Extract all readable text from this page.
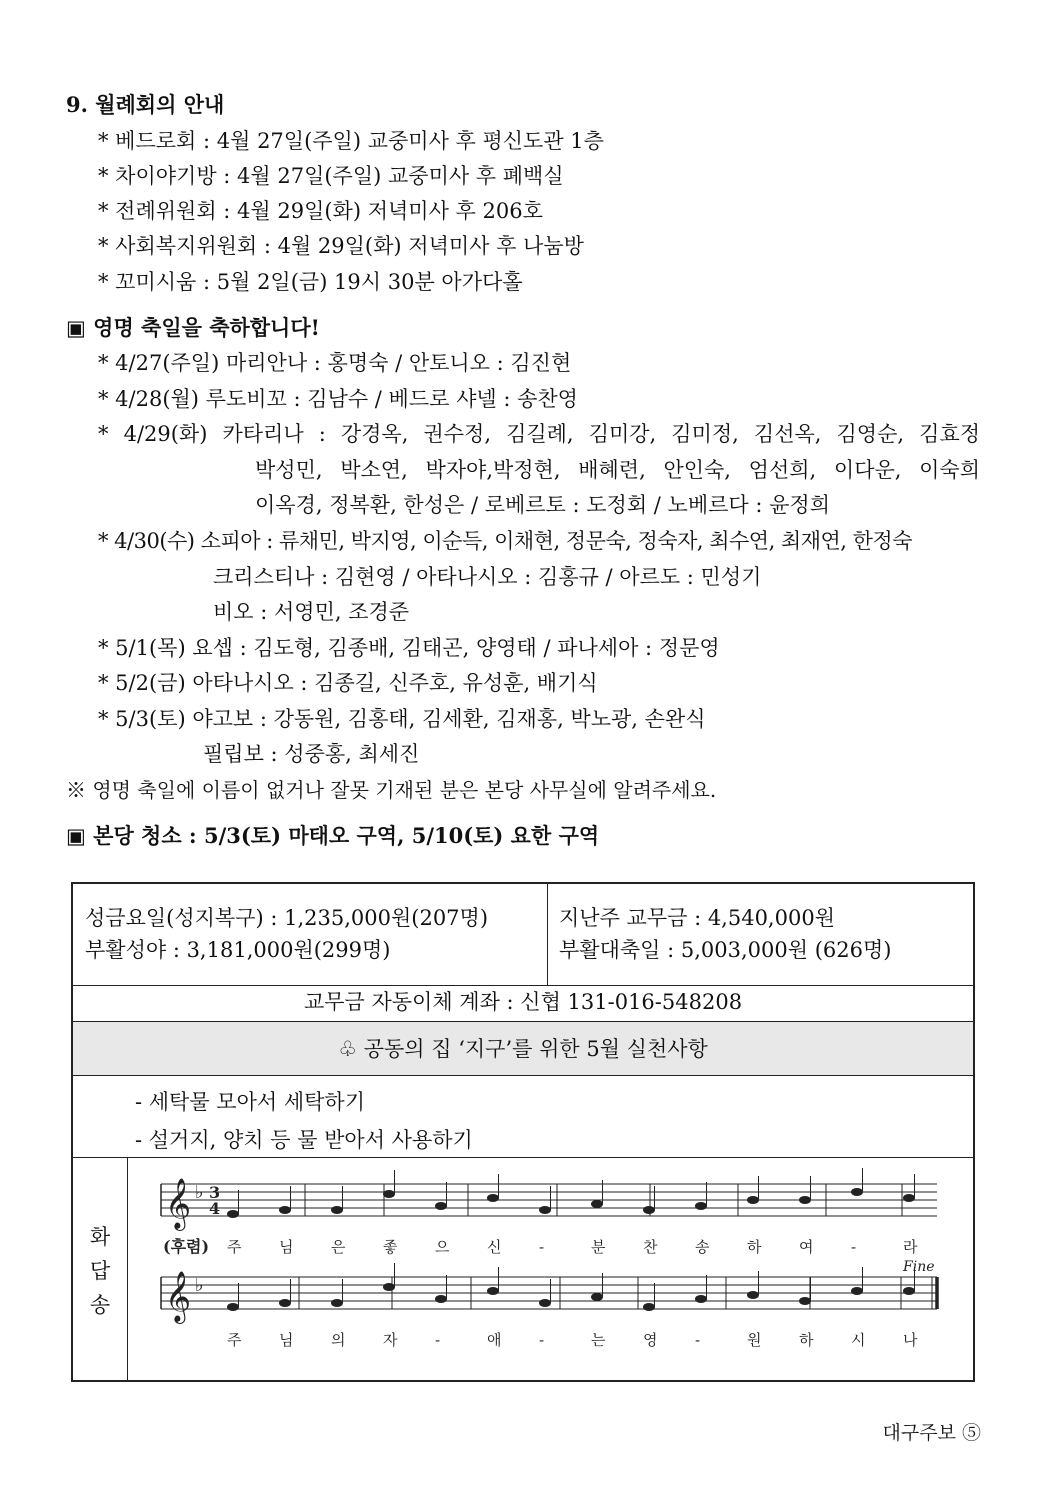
9. 월례회의 안내
* 베드로회 : 4월 27일(주일) 교중미사 후 평신도관 1층
* 차이야기방 : 4월 27일(주일) 교중미사 후 폐백실
* 전례위원회 : 4월 29일(화) 저녁미사 후 206호
* 사회복지위원회 : 4월 29일(화) 저녁미사 후 나눔방
* 꼬미시움 : 5월 2일(금) 19시 30분 아가다홀
▣ 영명 축일을 축하합니다!
* 4/27(주일) 마리안나 : 홍명숙 / 안토니오 : 김진현
* 4/28(월) 루도비꼬 : 김남수 / 베드로 샤넬 : 송찬영
* 4/29(화) 카타리나 : 강경옥, 권수정, 김길례, 김미강, 김미정, 김선옥, 김영순, 김효정
박성민, 박소연, 박자야,박정현, 배혜련, 안인숙, 엄선희, 이다운, 이숙희
이옥경, 정복환, 한성은 / 로베르토 : 도정회 / 노베르다 : 윤정희
* 4/30(수) 소피아 : 류채민, 박지영, 이순득, 이채현, 정문숙, 정숙자, 최수연, 최재연, 한정숙
크리스티나 : 김현영 / 아타나시오 : 김홍규 / 아르도 : 민성기
비오 : 서영민, 조경준
* 5/1(목) 요셉 : 김도형, 김종배, 김태곤, 양영태 / 파나세아 : 정문영
* 5/2(금) 아타나시오 : 김종길, 신주호, 유성훈, 배기식
* 5/3(토) 야고보 : 강동원, 김홍태, 김세환, 김재홍, 박노광, 손완식
필립보 : 성중홍, 최세진
※ 영명 축일에 이름이 없거나 잘못 기재된 분은 본당 사무실에 알려주세요.
▣ 본당 청소 : 5/3(토) 마태오 구역, 5/10(토) 요한 구역
성금요일(성지복구) : 1,235,000원(207명)
부활성야 : 3,181,000원(299명)
지난주 교무금 : 4,540,000원
부활대축일 : 5,003,000원 (626명)
교무금 자동이체 계좌 : 신협 131-016-548208
♧ 공동의 집 ‘지구’를 위한 5월 실천사항
- 세탁물 모아서 세탁하기
- 설거지, 양치 등 물 받아서 사용하기
화
답
송
𝄞 ♭
주	님	은	좋	으	신	-	분	찬	송	하	여	-	라
𝄞 ♭
주	님	의	자	-	애	-	는	영	-	원	하	시	나
3
4
(후렴)
Fine
대구주보 ⑤
